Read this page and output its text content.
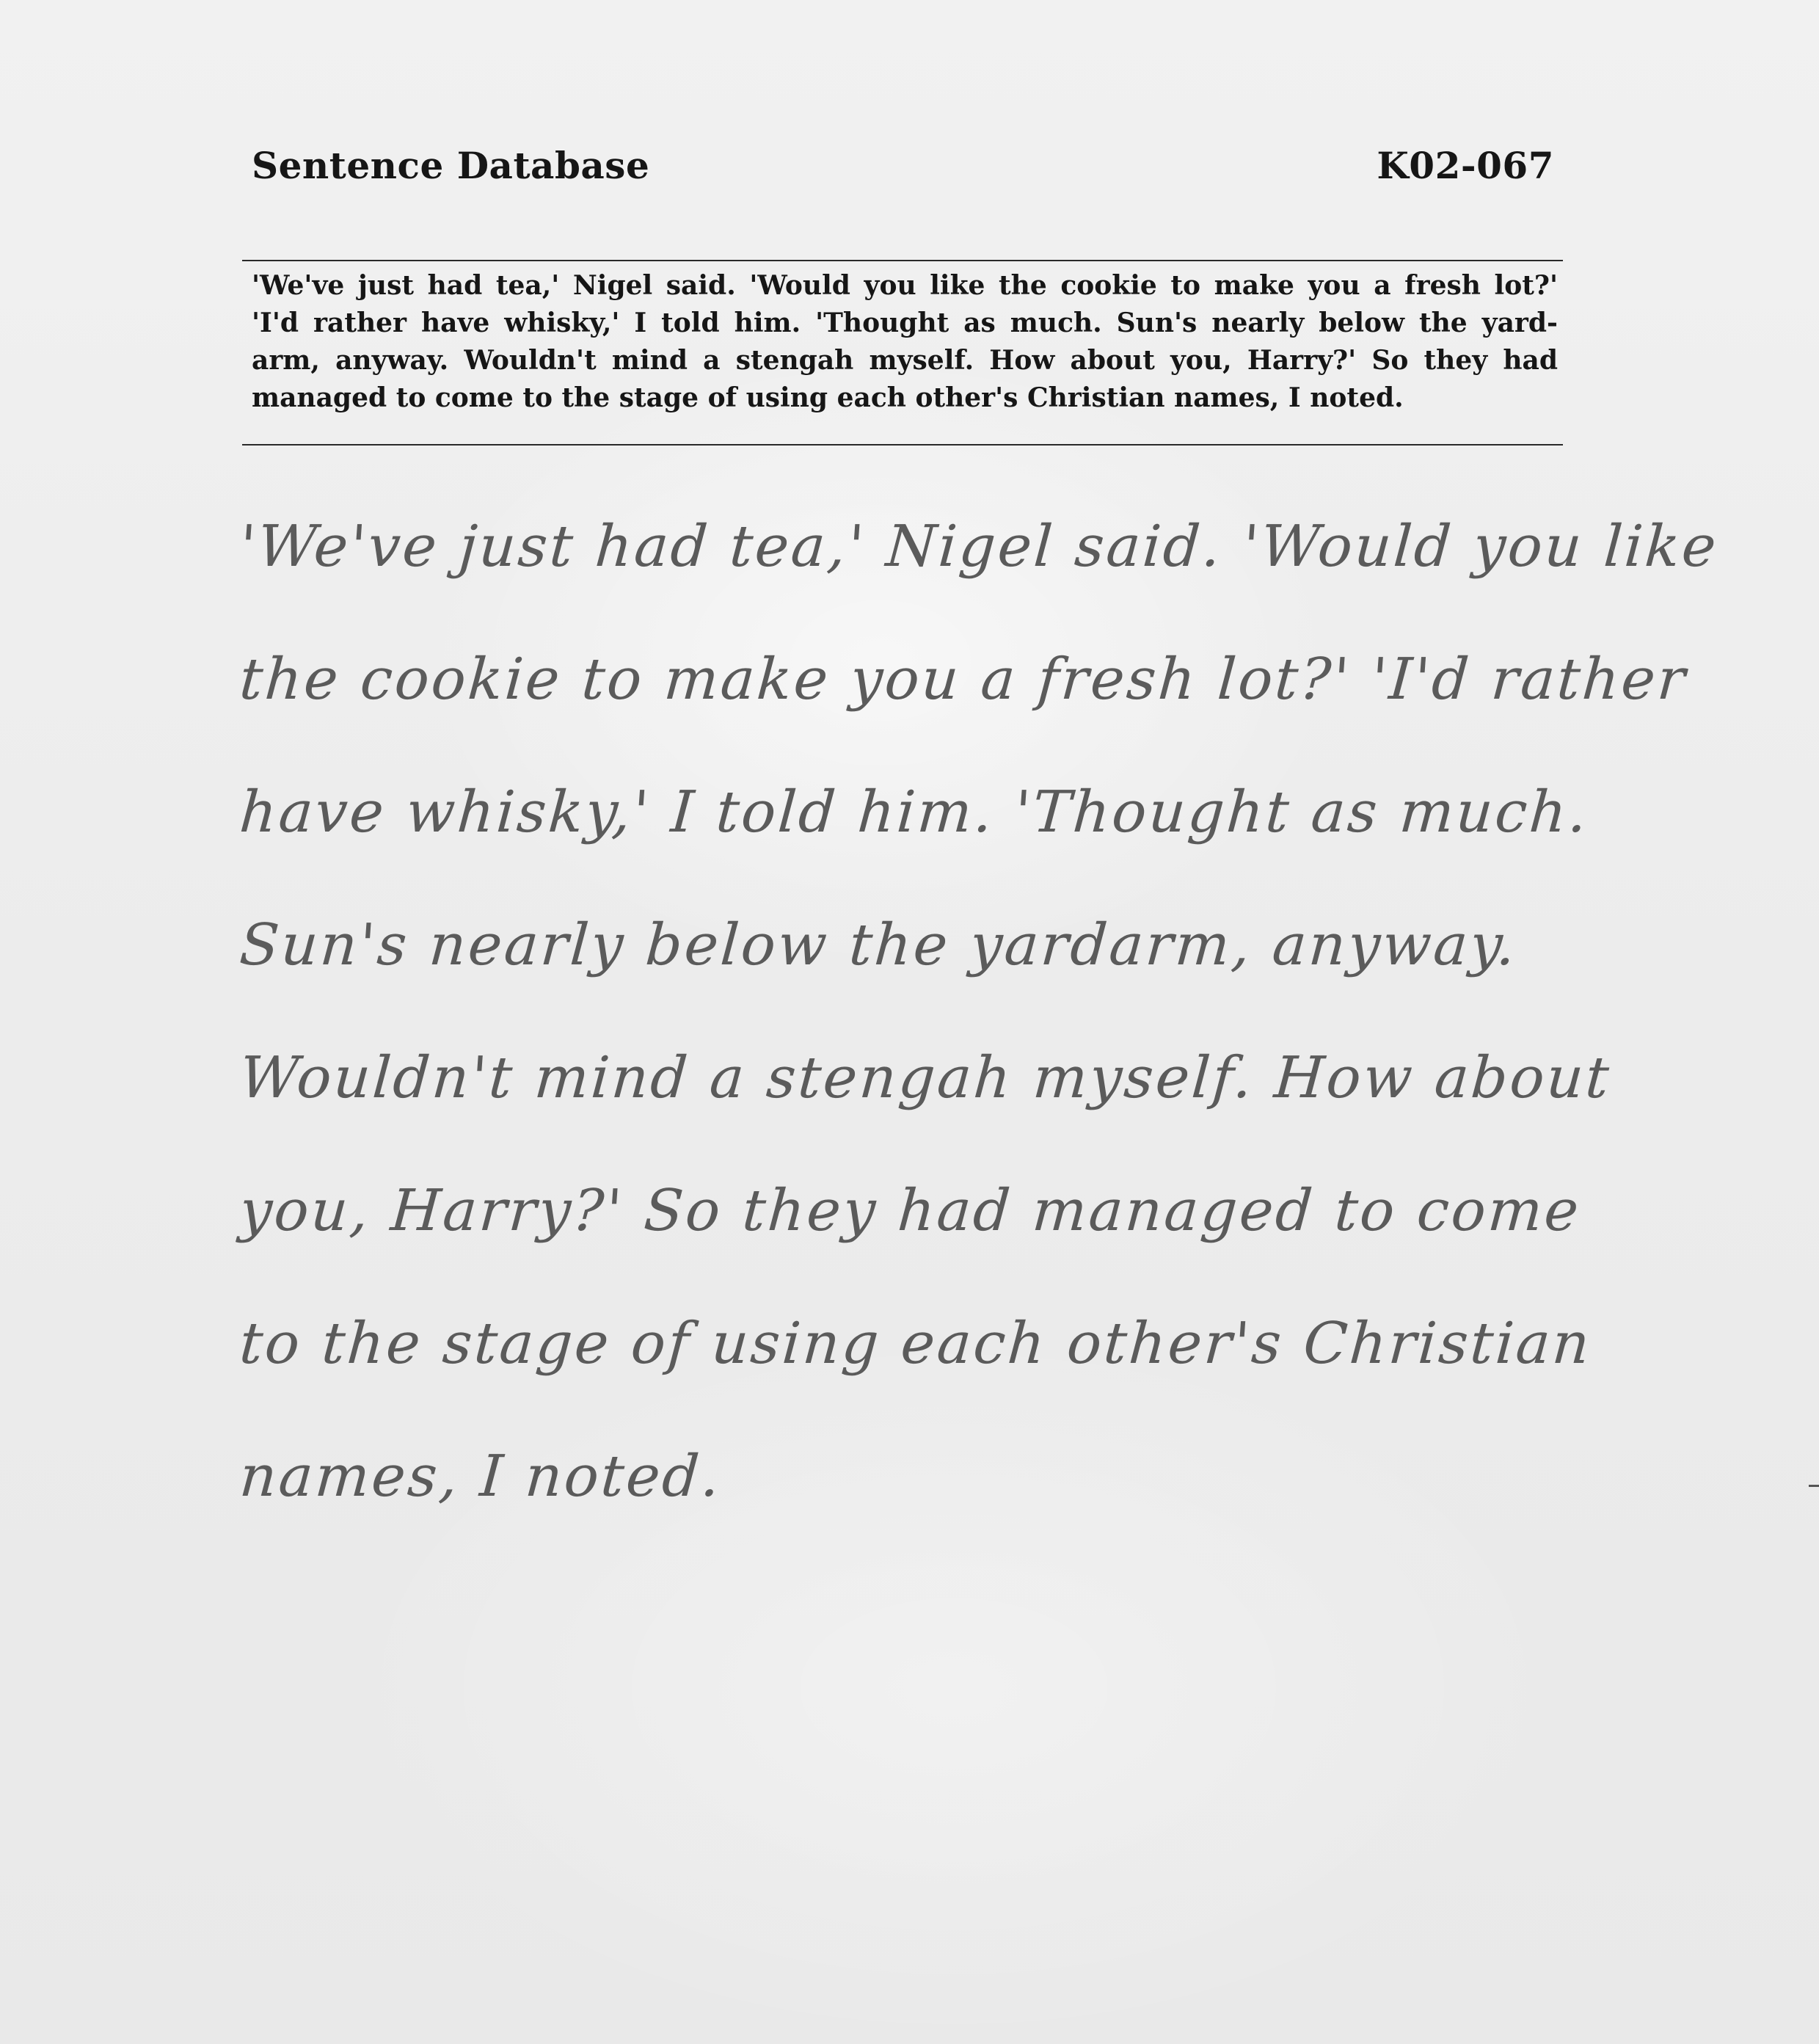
Sentence Database	K02-067
'We've just had tea,' Nigel said. 'Would you like the cookie to make you a fresh lot?'
'I'd rather have whisky,' I told him. 'Thought as much. Sun's nearly below the yard-
arm, anyway. Wouldn't mind a stengah myself. How about you, Harry?' So they had
managed to come to the stage of using each other's Christian names, I noted.
'We've just had tea,' Nigel said. 'Would you like
the cookie to make you a fresh lot?' 'I'd rather
have whisky,' I told him. 'Thought as much.
Sun's nearly below the yardarm, anyway.
Wouldn't mind a stengah myself. How about
you, Harry?' So they had managed to come
to the stage of using each other's Christian
names, I noted.
